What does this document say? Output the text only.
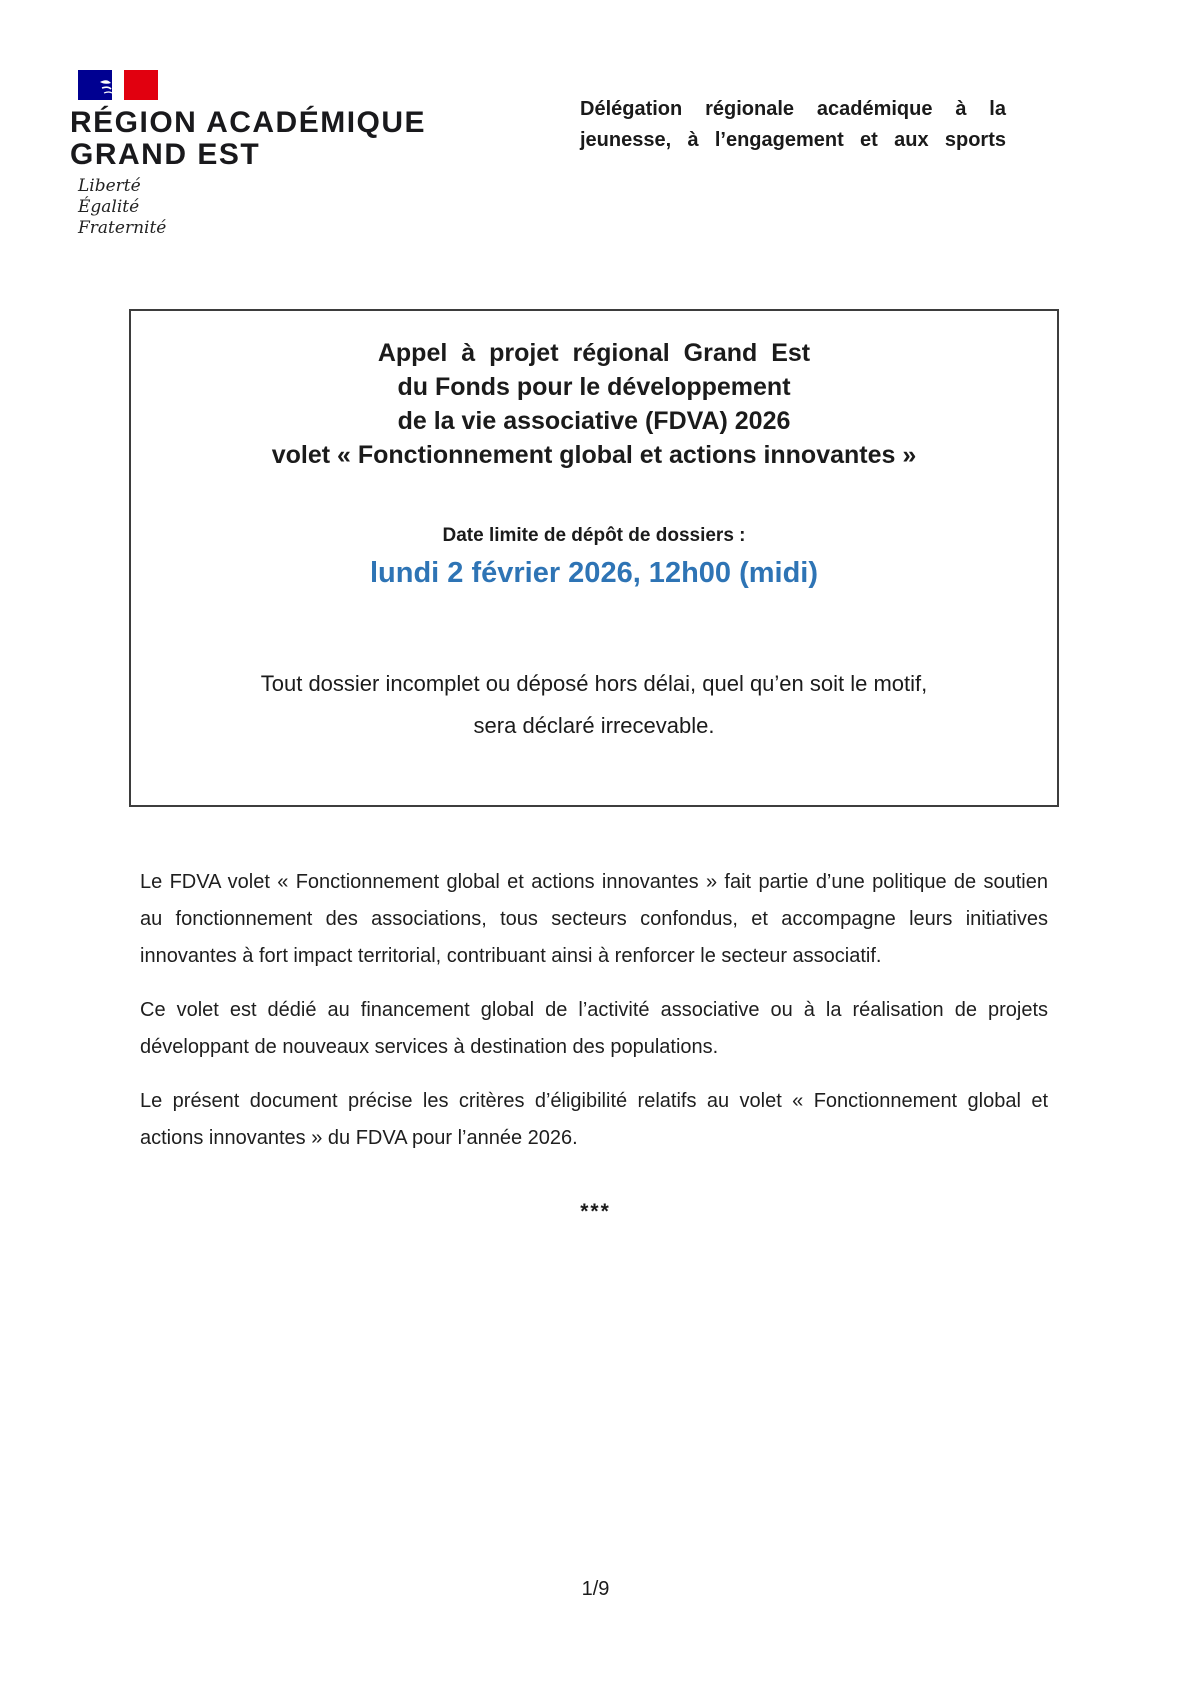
RÉGION ACADÉMIQUE
GRAND EST
Liberté
Égalité
Fraternité
Délégation régionale académique à la
jeunesse, à l’engagement et aux sports
Appel à projet régional Grand Est
du Fonds pour le développement
de la vie associative (FDVA) 2026
volet « Fonctionnement global et actions innovantes »
Date limite de dépôt de dossiers :
lundi 2 février 2026, 12h00 (midi)
Tout dossier incomplet ou déposé hors délai, quel qu’en soit le motif,
sera déclaré irrecevable.

Le FDVA volet « Fonctionnement global et actions innovantes » fait partie d’une politique de soutien au fonctionnement des associations, tous secteurs confondus, et accompagne leurs initiatives innovantes à fort impact territorial, contribuant ainsi à renforcer le secteur associatif.

Ce volet est dédié au financement global de l’activité associative ou à la réalisation de projets développant de nouveaux services à destination des populations.

Le présent document précise les critères d’éligibilité relatifs au volet « Fonctionnement global et actions innovantes » du FDVA pour l’année 2026.

***
1/9
